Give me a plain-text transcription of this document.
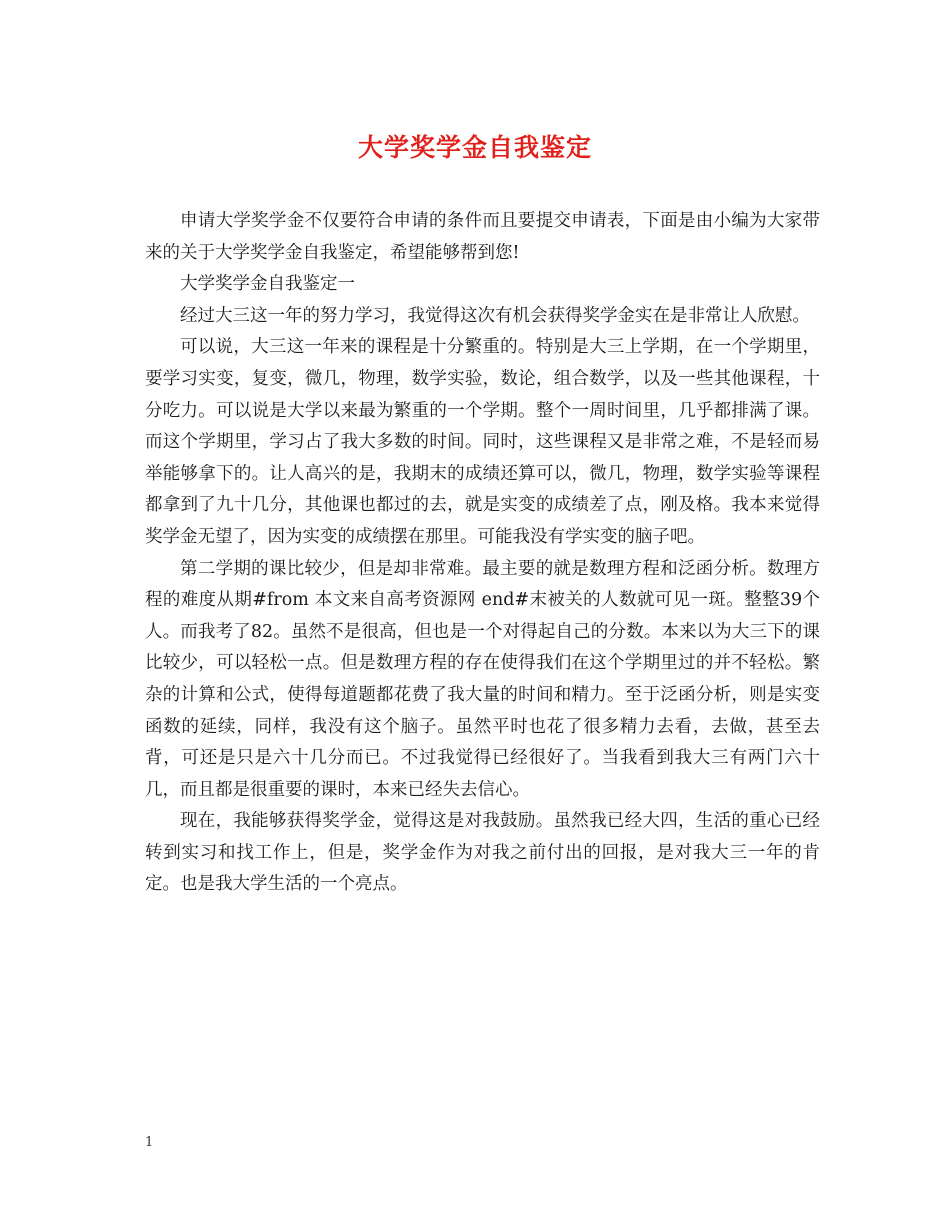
大学奖学金自我鉴定

申请大学奖学金不仅要符合申请的条件而且要提交申请表，下面是由小编为大家带来的关于大学奖学金自我鉴定，希望能够帮到您!

大学奖学金自我鉴定一

经过大三这一年的努力学习，我觉得这次有机会获得奖学金实在是非常让人欣慰。

可以说，大三这一年来的课程是十分繁重的。特别是大三上学期，在一个学期里，要学习实变，复变，微几，物理，数学实验，数论，组合数学，以及一些其他课程，十分吃力。可以说是大学以来最为繁重的一个学期。整个一周时间里，几乎都排满了课。而这个学期里，学习占了我大多数的时间。同时，这些课程又是非常之难，不是轻而易举能够拿下的。让人高兴的是，我期末的成绩还算可以，微几，物理，数学实验等课程都拿到了九十几分，其他课也都过的去，就是实变的成绩差了点，刚及格。我本来觉得奖学金无望了，因为实变的成绩摆在那里。可能我没有学实变的脑子吧。

第二学期的课比较少，但是却非常难。最主要的就是数理方程和泛函分析。数理方程的难度从期#from 本文来自高考资源网 end#末被关的人数就可见一斑。整整39个人。而我考了82。虽然不是很高，但也是一个对得起自己的分数。本来以为大三下的课比较少，可以轻松一点。但是数理方程的存在使得我们在这个学期里过的并不轻松。繁杂的计算和公式，使得每道题都花费了我大量的时间和精力。至于泛函分析，则是实变函数的延续，同样，我没有这个脑子。虽然平时也花了很多精力去看，去做，甚至去背，可还是只是六十几分而已。不过我觉得已经很好了。当我看到我大三有两门六十几，而且都是很重要的课时，本来已经失去信心。

现在，我能够获得奖学金，觉得这是对我鼓励。虽然我已经大四，生活的重心已经转到实习和找工作上，但是，奖学金作为对我之前付出的回报，是对我大三一年的肯定。也是我大学生活的一个亮点。

1
